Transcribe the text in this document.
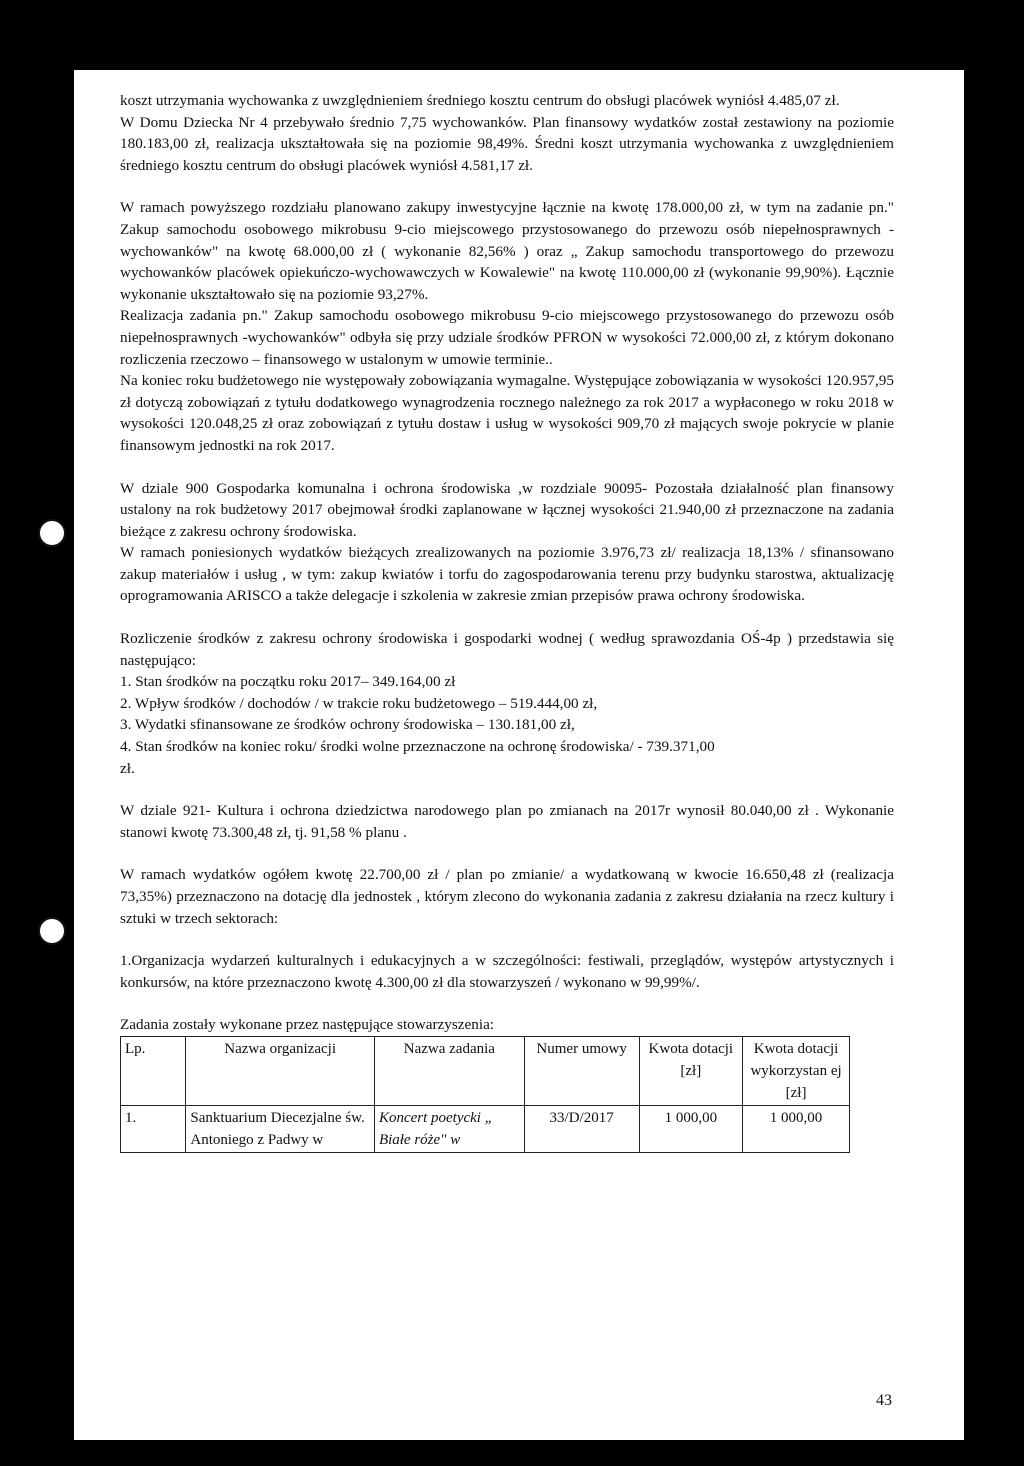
koszt utrzymania wychowanka z uwzględnieniem średniego kosztu centrum do obsługi placówek wyniósł 4.485,07 zł.

W Domu Dziecka Nr 4 przebywało średnio 7,75 wychowanków. Plan finansowy wydatków został zestawiony na poziomie 180.183,00 zł, realizacja ukształtowała się na poziomie 98,49%. Średni koszt utrzymania wychowanka z uwzględnieniem średniego kosztu centrum do obsługi placówek wyniósł 4.581,17 zł.

W ramach powyższego rozdziału planowano zakupy inwestycyjne łącznie na kwotę 178.000,00 zł, w tym na zadanie pn." Zakup samochodu osobowego mikrobusu 9-cio miejscowego przystosowanego do przewozu osób niepełnosprawnych -wychowanków" na kwotę 68.000,00 zł ( wykonanie 82,56% ) oraz „ Zakup samochodu transportowego do przewozu wychowanków placówek opiekuńczo-wychowawczych w Kowalewie" na kwotę 110.000,00 zł (wykonanie 99,90%). Łącznie wykonanie ukształtowało się na poziomie 93,27%.

Realizacja zadania pn." Zakup samochodu osobowego mikrobusu 9-cio miejscowego przystosowanego do przewozu osób niepełnosprawnych -wychowanków" odbyła się przy udziale środków PFRON w wysokości 72.000,00 zł, z którym dokonano rozliczenia rzeczowo – finansowego w ustalonym w umowie terminie..

Na koniec roku budżetowego nie występowały zobowiązania wymagalne. Występujące zobowiązania w wysokości 120.957,95 zł dotyczą zobowiązań z tytułu dodatkowego wynagrodzenia rocznego należnego za rok 2017 a wypłaconego w roku 2018 w wysokości 120.048,25 zł oraz zobowiązań z tytułu dostaw i usług w wysokości 909,70 zł mających swoje pokrycie w planie finansowym jednostki na rok 2017.

W dziale 900 Gospodarka komunalna i ochrona środowiska ,w rozdziale 90095- Pozostała działalność plan finansowy ustalony na rok budżetowy 2017 obejmował środki zaplanowane w łącznej wysokości 21.940,00 zł przeznaczone na zadania bieżące z zakresu ochrony środowiska.

W ramach poniesionych wydatków bieżących zrealizowanych na poziomie 3.976,73 zł/ realizacja 18,13% / sfinansowano zakup materiałów i usług , w tym: zakup kwiatów i torfu do zagospodarowania terenu przy budynku starostwa, aktualizację oprogramowania ARISCO a także delegacje i szkolenia w zakresie zmian przepisów prawa ochrony środowiska.

Rozliczenie środków z zakresu ochrony środowiska i gospodarki wodnej ( według sprawozdania OŚ-4p ) przedstawia się następująco:

1. Stan środków na początku roku 2017– 349.164,00 zł

2. Wpływ środków / dochodów / w trakcie roku budżetowego – 519.444,00 zł,

3. Wydatki sfinansowane ze środków ochrony środowiska – 130.181,00 zł,

4. Stan środków na koniec roku/ środki wolne przeznaczone na ochronę środowiska/ - 739.371,00

zł.

W dziale 921- Kultura i ochrona dziedzictwa narodowego plan po zmianach na 2017r wynosił 80.040,00 zł . Wykonanie stanowi kwotę 73.300,48 zł, tj. 91,58 % planu .

W ramach wydatków ogółem kwotę 22.700,00 zł / plan po zmianie/ a wydatkowaną w kwocie 16.650,48 zł (realizacja 73,35%) przeznaczono na dotację dla jednostek , którym zlecono do wykonania zadania z zakresu działania na rzecz kultury i sztuki w trzech sektorach:

1.Organizacja wydarzeń kulturalnych i edukacyjnych a w szczególności: festiwali, przeglądów, występów artystycznych i konkursów, na które przeznaczono kwotę 4.300,00 zł dla stowarzyszeń / wykonano w 99,99%/.

Zadania zostały wykonane przez następujące stowarzyszenia:

Lp.	Nazwa organizacji	Nazwa zadania	Numer umowy	Kwota dotacji [zł]	Kwota dotacji wykorzystan ej [zł]
1.	Sanktuarium Diecezjalne św. Antoniego z Padwy w	Koncert poetycki „ Białe róże" w	33/D/2017	1 000,00	1 000,00
43
